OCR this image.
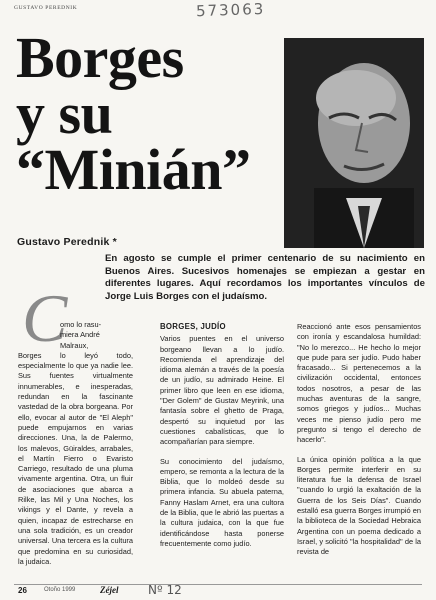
GUSTAVO PEREDNIK	573063
Borges
y su
“Minián”
Gustavo Perednik *
En agosto se cumple el primer centenario de su nacimiento en Buenos Aires. Sucesivos homenajes se empiezan a gestar en diferentes lugares. Aquí recordamos los importantes vínculos de Jorge Luis Borges con el judaísmo.
C
omo lo rasu-
miera André
Malraux,
Borges lo leyó todo, especialmente lo que ya nadie lee. Sus fuentes virtualmente innumerables, e inesperadas, redundan en la fascinante vastedad de la obra borgeana. Por ello, evocar al autor de "El Aleph" puede empujarnos en varias direcciones. Una, la de Palermo, los malevos, Güiraldes, arrabales, el Martín Fierro o Evaristo Carriego, resultado de una pluma vivamente argentina. Otra, un fluir de asociaciones que abarca a Rilke, las Mil y Una Noches, los vikings y el Dante, y revela a quien, incapaz de estrecharse en una sola tradición, es un creador universal. Una tercera es la cultura que predomina en su curiosidad, la judaica.
BORGES, JUDÍO

Varios puentes en el universo borgeano llevan a lo judío. Recomienda el aprendizaje del idioma alemán a través de la poesía de un judío, su admirado Heine. El primer libro que leen en ese idioma, "Der Golem" de Gustav Meyrink, una fantasía sobre el ghetto de Praga, despertó su inquietud por las cuestiones cabalísticas, que lo acompañarían para siempre.

Su conocimiento del judaísmo, empero, se remonta a la lectura de la Biblia, que lo moldeó desde su primera infancia. Su abuela paterna, Fanny Haslam Arnet, era una cultora de la Biblia, que le abrió las puertas a la cultura judaica, con la que fue identificándose hasta ponerse frecuentemente como judío.

Reaccionó ante esos pensamientos con ironía y escandalosa humildad: "No lo merezco... He hecho lo mejor que pude para ser judío. Pudo haber fracasado... Si pertenecemos a la civilización occidental, entonces todos nosotros, a pesar de las muchas aventuras de la sangre, somos griegos y judíos... Muchas veces me pienso judío pero me pregunto si tengo el derecho de hacerlo".

La única opinión política a la que Borges permite interferir en su literatura fue la defensa de Israel "cuando lo urgió la exaltación de la Guerra de los Seis Días". Cuando estalló esa guerra Borges irrumpió en la biblioteca de la Sociedad Hebraica Argentina con un poema dedicado a Israel, y solicitó "la hospitalidad" de la revista de

26	Otoño 1999	Zéjel Nº 12
